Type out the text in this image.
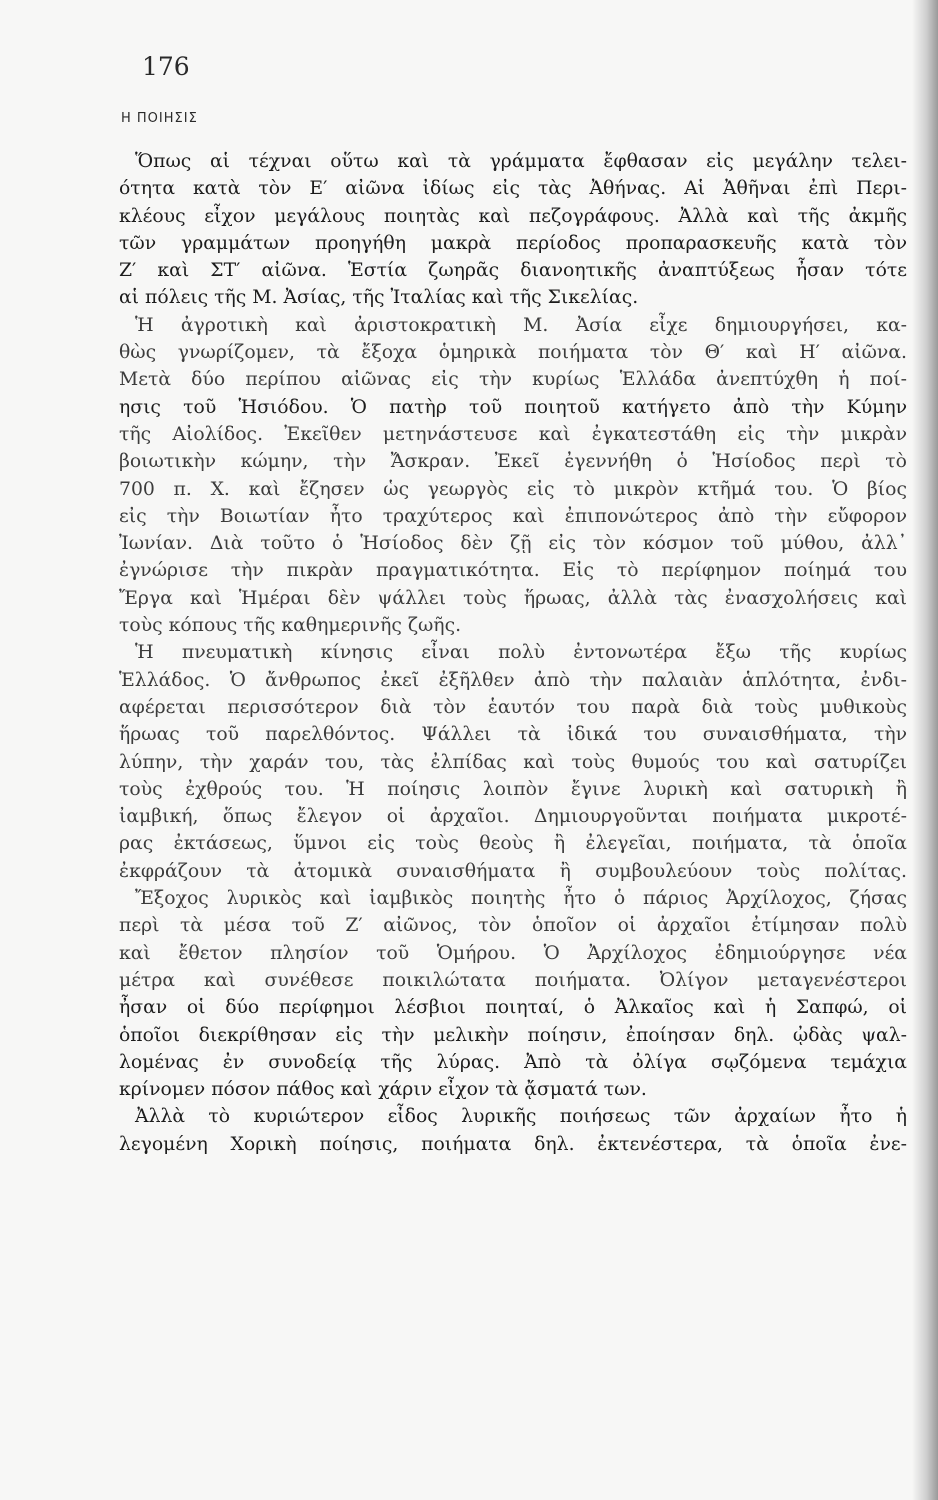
176
Η ΠΟΙΗΣΙΣ
Ὅπως αἱ τέχναι οὕτω καὶ τὰ γράμματα ἔφθασαν εἰς μεγάλην τελει-
ότητα κατὰ τὸν Ε′ αἰῶνα ἰδίως εἰς τὰς Ἀθήνας. Αἱ Ἀθῆναι ἐπὶ Περι-
κλέους εἶχον μεγάλους ποιητὰς καὶ πεζογράφους. Ἀλλὰ καὶ τῆς ἀκμῆς
τῶν γραμμάτων προηγήθη μακρὰ περίοδος προπαρασκευῆς κατὰ τὸν
Ζ′ καὶ ΣΤ′ αἰῶνα. Ἑστία ζωηρᾶς διανοητικῆς ἀναπτύξεως ἦσαν τότε
αἱ πόλεις τῆς Μ. Ἀσίας, τῆς Ἰταλίας καὶ τῆς Σικελίας.
Ἡ ἀγροτικὴ καὶ ἀριστοκρατικὴ Μ. Ἀσία εἶχε δημιουργήσει, κα-
θὼς γνωρίζομεν, τὰ ἔξοχα ὁμηρικὰ ποιήματα τὸν Θ′ καὶ Η′ αἰῶνα.
Μετὰ δύο περίπου αἰῶνας εἰς τὴν κυρίως Ἑλλάδα ἀνεπτύχθη ἡ ποί-
ησις τοῦ Ἡσιόδου. Ὁ πατὴρ τοῦ ποιητοῦ κατήγετο ἀπὸ τὴν Κύμην
τῆς Αἰολίδος. Ἐκεῖθεν μετηνάστευσε καὶ ἐγκατεστάθη εἰς τὴν μικρὰν
βοιωτικὴν κώμην, τὴν Ἄσκραν. Ἐκεῖ ἐγεννήθη ὁ Ἡσίοδος περὶ τὸ
700 π. Χ. καὶ ἔζησεν ὡς γεωργὸς εἰς τὸ μικρὸν κτῆμά του. Ὁ βίος
εἰς τὴν Βοιωτίαν ἦτο τραχύτερος καὶ ἐπιπονώτερος ἀπὸ τὴν εὔφορον
Ἰωνίαν. Διὰ τοῦτο ὁ Ἡσίοδος δὲν ζῇ εἰς τὸν κόσμον τοῦ μύθου, ἀλλ᾽
ἐγνώρισε τὴν πικρὰν πραγματικότητα. Εἰς τὸ περίφημον ποίημά του
Ἔργα καὶ Ἡμέραι δὲν ψάλλει τοὺς ἥρωας, ἀλλὰ τὰς ἐνασχολήσεις καὶ
τοὺς κόπους τῆς καθημερινῆς ζωῆς.
Ἡ πνευματικὴ κίνησις εἶναι πολὺ ἐντονωτέρα ἔξω τῆς κυρίως
Ἑλλάδος. Ὁ ἄνθρωπος ἐκεῖ ἐξῆλθεν ἀπὸ τὴν παλαιὰν ἁπλότητα, ἐνδι-
αφέρεται περισσότερον διὰ τὸν ἑαυτόν του παρὰ διὰ τοὺς μυθικοὺς
ἥρωας τοῦ παρελθόντος. Ψάλλει τὰ ἰδικά του συναισθήματα, τὴν
λύπην, τὴν χαράν του, τὰς ἐλπίδας καὶ τοὺς θυμούς του καὶ σατυρίζει
τοὺς ἐχθρούς του. Ἡ ποίησις λοιπὸν ἔγινε λυρικὴ καὶ σατυρικὴ ἢ
ἰαμβική, ὅπως ἔλεγον οἱ ἀρχαῖοι. Δημιουργοῦνται ποιήματα μικροτέ-
ρας ἐκτάσεως, ὕμνοι εἰς τοὺς θεοὺς ἢ ἐλεγεῖαι, ποιήματα, τὰ ὁποῖα
ἐκφράζουν τὰ ἀτομικὰ συναισθήματα ἢ συμβουλεύουν τοὺς πολίτας.
Ἔξοχος λυρικὸς καὶ ἰαμβικὸς ποιητὴς ἦτο ὁ πάριος Ἀρχίλοχος, ζήσας
περὶ τὰ μέσα τοῦ Ζ′ αἰῶνος, τὸν ὁποῖον οἱ ἀρχαῖοι ἐτίμησαν πολὺ
καὶ ἔθετον πλησίον τοῦ Ὁμήρου. Ὁ Ἀρχίλοχος ἐδημιούργησε νέα
μέτρα καὶ συνέθεσε ποικιλώτατα ποιήματα. Ὀλίγον μεταγενέστεροι
ἦσαν οἱ δύο περίφημοι λέσβιοι ποιηταί, ὁ Ἀλκαῖος καὶ ἡ Σαπφώ, οἱ
ὁποῖοι διεκρίθησαν εἰς τὴν μελικὴν ποίησιν, ἐποίησαν δηλ. ᾠδὰς ψαλ-
λομένας ἐν συνοδείᾳ τῆς λύρας. Ἀπὸ τὰ ὀλίγα σῳζόμενα τεμάχια
κρίνομεν πόσον πάθος καὶ χάριν εἶχον τὰ ᾄσματά των.
Ἀλλὰ τὸ κυριώτερον εἶδος λυρικῆς ποιήσεως τῶν ἀρχαίων ἦτο ἡ
λεγομένη Χορικὴ ποίησις, ποιήματα δηλ. ἐκτενέστερα, τὰ ὁποῖα ἐνε-
